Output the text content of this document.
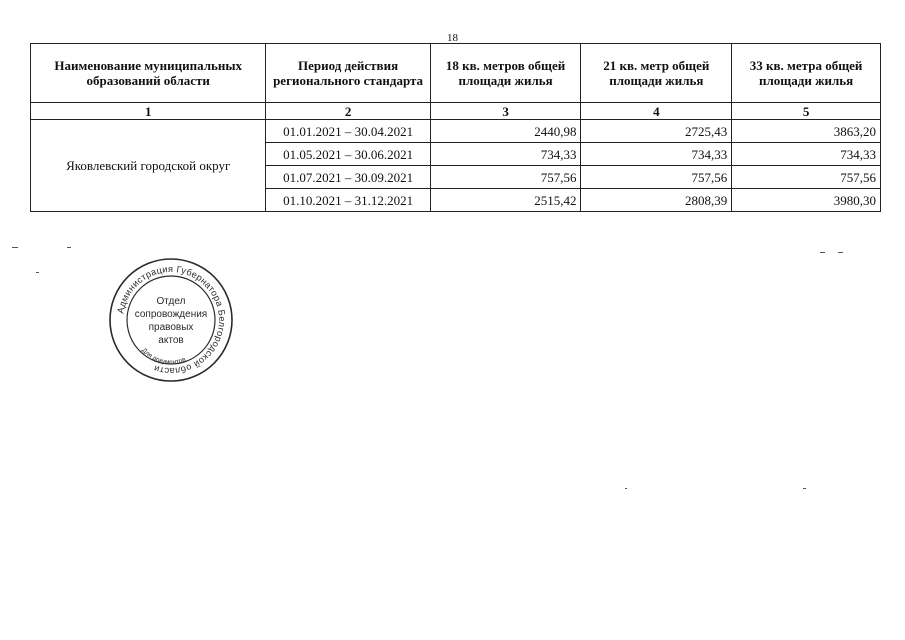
18
Наименование муниципальных образований области	Период действия регионального стандарта	18 кв. метров общей площади жилья	21 кв. метр общей площади жилья	33 кв. метра общей площади жилья
1	2	3	4	5
Яковлевский городской округ	01.01.2021 – 30.04.2021	2440,98	2725,43	3863,20
	01.05.2021 – 30.06.2021	734,33	734,33	734,33
	01.07.2021 – 30.09.2021	757,56	757,56	757,56
	01.10.2021 – 31.12.2021	2515,42	2808,39	3980,30
Администрация Губернатора Белгородской области
Для документов
Отдел
сопровождения
правовых
актов
